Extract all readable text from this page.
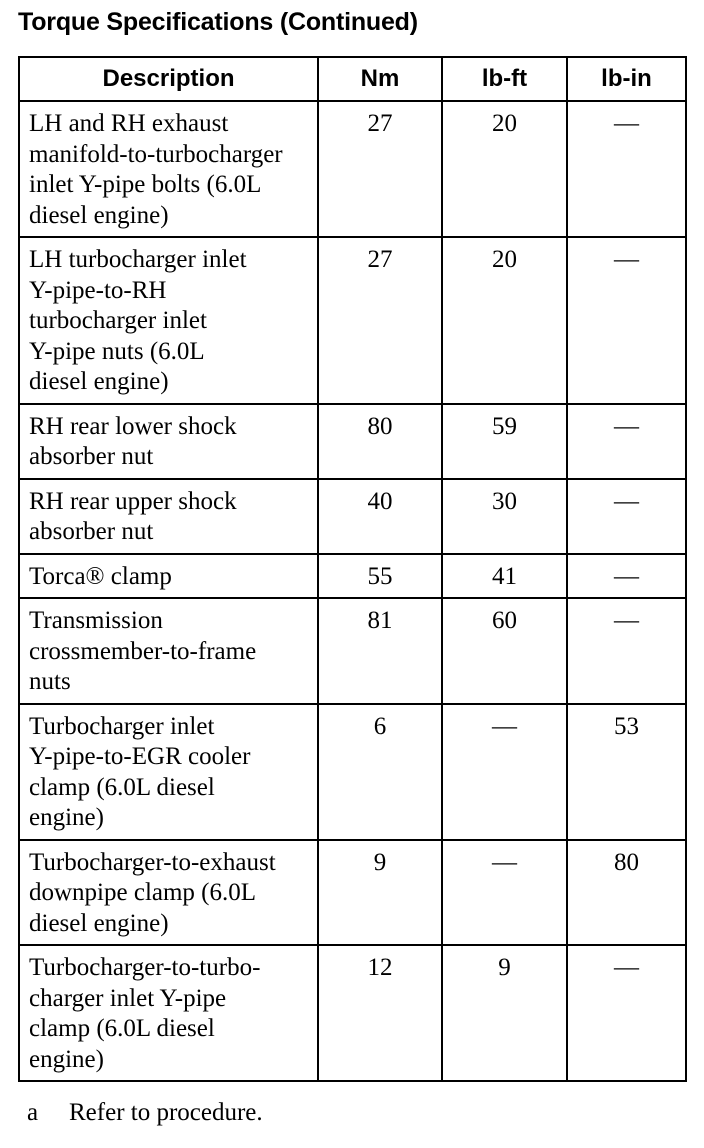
Torque Specifications (Continued)
Description	Nm	lb-ft	lb-in
LH and RH exhaust
manifold-to-turbocharger
inlet Y-pipe bolts (6.0L
diesel engine)	27	20	—
LH turbocharger inlet
Y-pipe-to-RH
turbocharger inlet
Y-pipe nuts (6.0L
diesel engine)	27	20	—
RH rear lower shock
absorber nut	80	59	—
RH rear upper shock
absorber nut	40	30	—
Torca® clamp	55	41	—
Transmission
crossmember-to-frame
nuts	81	60	—
Turbocharger inlet
Y-pipe-to-EGR cooler
clamp (6.0L diesel
engine)	6	—	53
Turbocharger-to-exhaust
downpipe clamp (6.0L
diesel engine)	9	—	80
Turbocharger-to-turbo-
charger inlet Y-pipe
clamp (6.0L diesel
engine)	12	9	—
a Refer to procedure.
